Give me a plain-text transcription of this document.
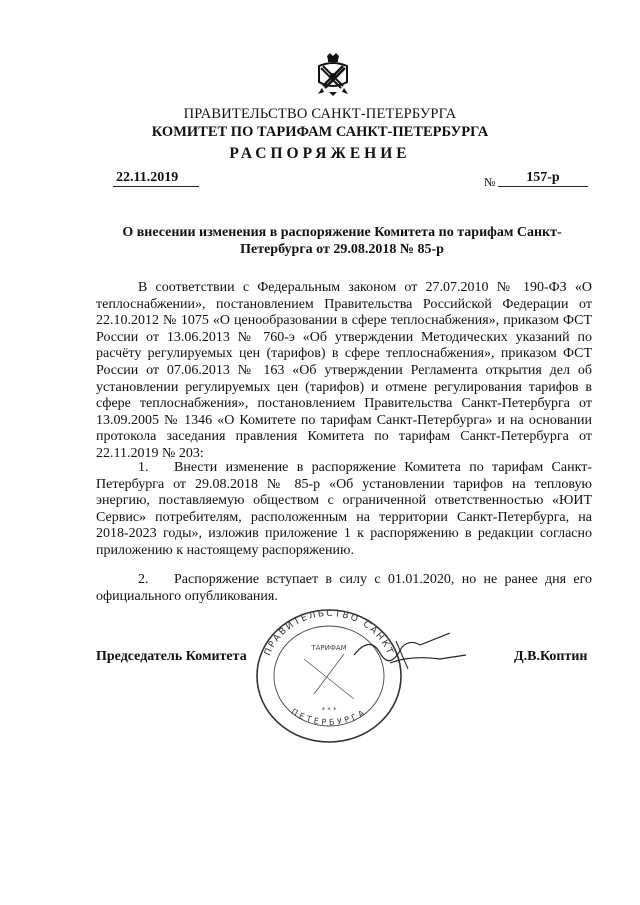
ПРАВИТЕЛЬСТВО САНКТ-ПЕТЕРБУРГА
КОМИТЕТ ПО ТАРИФАМ САНКТ-ПЕТЕРБУРГА
РАСПОРЯЖЕНИЕ
22.11.2019	№	157-р
О внесении изменения в распоряжение Комитета по тарифам Санкт-Петербурга от 29.08.2018 № 85-р
В соответствии с Федеральным законом от 27.07.2010 № 190-ФЗ «О теплоснабжении», постановлением Правительства Российской Федерации от 22.10.2012 № 1075 «О ценообразовании в сфере теплоснабжения», приказом ФСТ России от 13.06.2013 № 760-э «Об утверждении Методических указаний по расчёту регулируемых цен (тарифов) в сфере теплоснабжения», приказом ФСТ России от 07.06.2013 № 163 «Об утверждении Регламента открытия дел об установлении регулируемых цен (тарифов) и отмене регулирования тарифов в сфере теплоснабжения», постановлением Правительства Санкт-Петербурга от 13.09.2005 № 1346 «О Комитете по тарифам Санкт-Петербурга» и на основании протокола заседания правления Комитета по тарифам Санкт-Петербурга от 22.11.2019 № 203:
1. Внести изменение в распоряжение Комитета по тарифам Санкт-Петербурга от 29.08.2018 № 85-р «Об установлении тарифов на тепловую энергию, поставляемую обществом с ограниченной ответственностью «ЮИТ Сервис» потребителям, расположенным на территории Санкт-Петербурга, на 2018-2023 годы», изложив приложение 1 к распоряжению в редакции согласно приложению к настоящему распоряжению.
2. Распоряжение вступает в силу с 01.01.2020, но не ранее дня его официального опубликования.
ПРАВИТЕЛЬСТВО САНКТ
ПЕТЕРБУРГА
ТАРИФАМ
* * *
Председатель Комитета	Д.В.Коптин
